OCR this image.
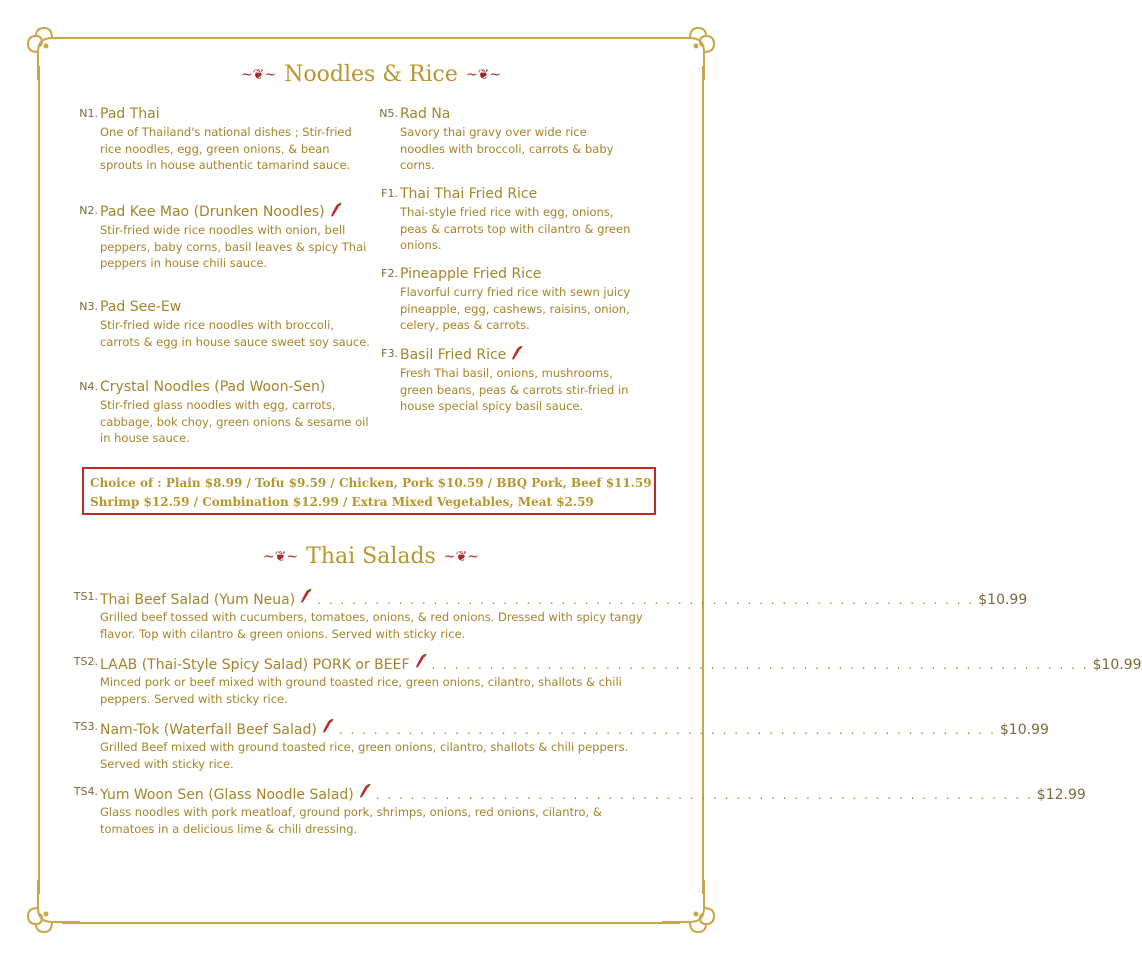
~❦~ Noodles & Rice ~❦~
N1. Pad Thai
One of Thailand's national dishes ; Stir-fried rice noodles, egg, green onions, & bean sprouts in house authentic tamarind sauce.
N2. Pad Kee Mao (Drunken Noodles)
Stir-fried wide rice noodles with onion, bell peppers, baby corns, basil leaves & spicy Thai peppers in house chili sauce.
N3. Pad See-Ew
Stir-fried wide rice noodles with broccoli, carrots & egg in house sauce sweet soy sauce.
N4. Crystal Noodles (Pad Woon-Sen)
Stir-fried glass noodles with egg, carrots, cabbage, bok choy, green onions & sesame oil in house sauce.
N5. Rad Na
Savory thai gravy over wide rice noodles with broccoli, carrots & baby corns.
F1. Thai Thai Fried Rice
Thai-style fried rice with egg, onions, peas & carrots top with cilantro & green onions.
F2. Pineapple Fried Rice
Flavorful curry fried rice with sewn juicy pineapple, egg, cashews, raisins, onion, celery, peas & carrots.
F3. Basil Fried Rice
Fresh Thai basil, onions, mushrooms, green beans, peas & carrots stir-fried in house special spicy basil sauce.
Choice of : Plain $8.99 / Tofu $9.59 / Chicken, Pork $10.59 / BBQ Pork, Beef $11.59
Shrimp $12.59 / Combination $12.99 / Extra Mixed Vegetables, Meat $2.59
~❦~ Thai Salads ~❦~
TS1. Thai Beef Salad (Yum Neua) . . . . . . . . . . . . . . . . . . . . . . . . . . . . . . . . . . . . . . . . . . . . . . . . . . . . . . . . . $10.99
Grilled beef tossed with cucumbers, tomatoes, onions, & red onions. Dressed with spicy tangy flavor. Top with cilantro & green onions. Served with sticky rice.
TS2. LAAB (Thai-Style Spicy Salad) PORK or BEEF . . . . . . . . . . . . . . . . . . . . . . . . . . . . . . . . . . . . . . . . . . . . . . . . . . . . . . . . . $10.99
Minced pork or beef mixed with ground toasted rice, green onions, cilantro, shallots & chili peppers. Served with sticky rice.
TS3. Nam-Tok (Waterfall Beef Salad) . . . . . . . . . . . . . . . . . . . . . . . . . . . . . . . . . . . . . . . . . . . . . . . . . . . . . . . . . $10.99
Grilled Beef mixed with ground toasted rice, green onions, cilantro, shallots & chili peppers. Served with sticky rice.
TS4. Yum Woon Sen (Glass Noodle Salad) . . . . . . . . . . . . . . . . . . . . . . . . . . . . . . . . . . . . . . . . . . . . . . . . . . . . . . . . . $12.99
Glass noodles with pork meatloaf, ground pork, shrimps, onions, red onions, cilantro, & tomatoes in a delicious lime & chili dressing.
